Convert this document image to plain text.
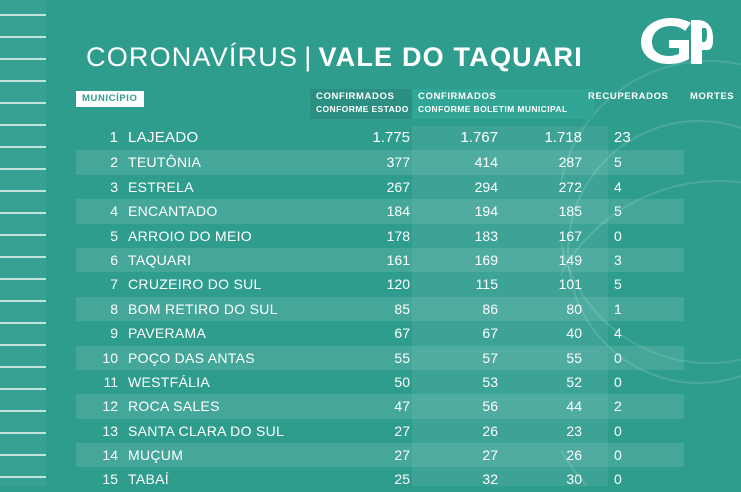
CORONAVÍRUS | VALE DO TAQUARI
MUNICÍPIO	CONFIRMADOS
CONFORME ESTADO
CONFIRMADOS
CONFORME BOLETIM MUNICIPAL
RECUPERADOS MORTES
1 LAJEADO	1.775	1.767	1.718	23
2 TEUTÔNIA	377	414	287	5
3 ESTRELA	267	294	272	4
4 ENCANTADO	184	194	185	5
5 ARROIO DO MEIO	178	183	167	0
6 TAQUARI	161	169	149	3
7 CRUZEIRO DO SUL	120	115	101	5
8 BOM RETIRO DO SUL	85	86	80	1
9 PAVERAMA	67	67	40	4
10 POÇO DAS ANTAS	55	57	55	0
11 WESTFÁLIA	50	53	52	0
12 ROCA SALES	47	56	44	2
13 SANTA CLARA DO SUL	27	26	23	0
14 MUÇUM	27	27	26	0
15 TABAÍ	25	32	30	0
